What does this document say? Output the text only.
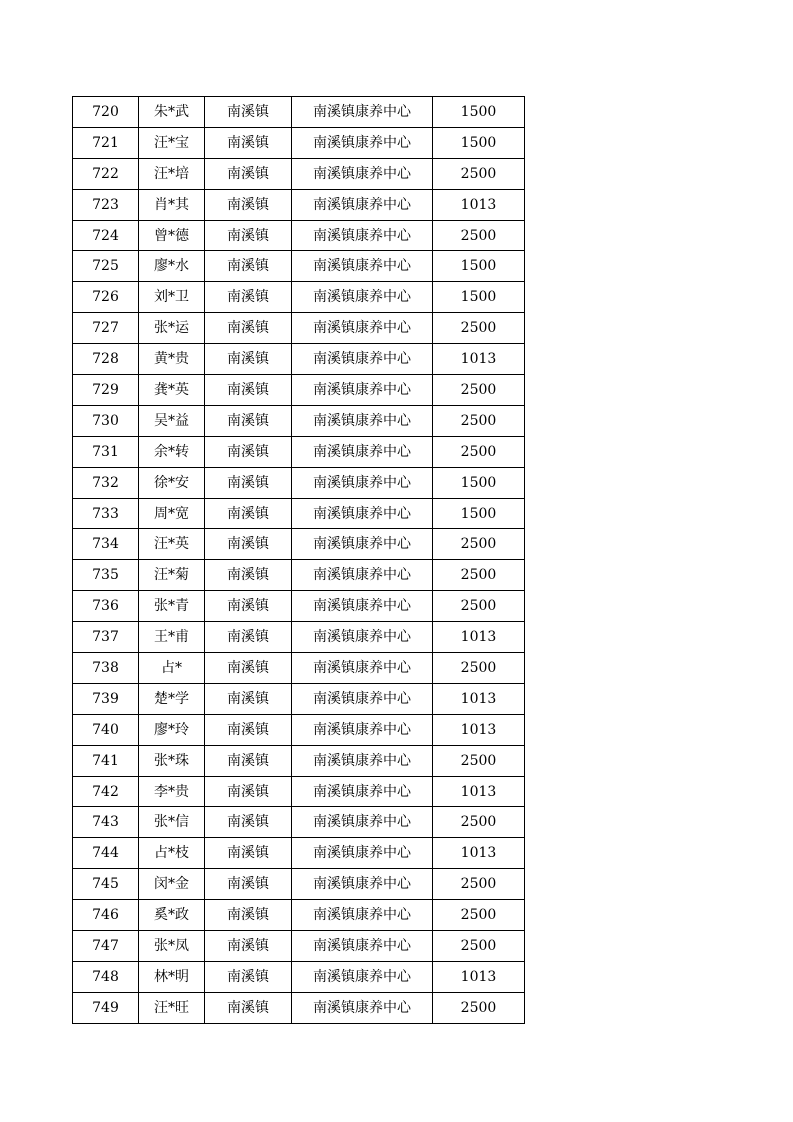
720	朱*武	南溪镇	南溪镇康养中心	1500
721	汪*宝	南溪镇	南溪镇康养中心	1500
722	汪*培	南溪镇	南溪镇康养中心	2500
723	肖*其	南溪镇	南溪镇康养中心	1013
724	曾*德	南溪镇	南溪镇康养中心	2500
725	廖*水	南溪镇	南溪镇康养中心	1500
726	刘*卫	南溪镇	南溪镇康养中心	1500
727	张*运	南溪镇	南溪镇康养中心	2500
728	黄*贵	南溪镇	南溪镇康养中心	1013
729	龚*英	南溪镇	南溪镇康养中心	2500
730	吴*益	南溪镇	南溪镇康养中心	2500
731	余*转	南溪镇	南溪镇康养中心	2500
732	徐*安	南溪镇	南溪镇康养中心	1500
733	周*宽	南溪镇	南溪镇康养中心	1500
734	汪*英	南溪镇	南溪镇康养中心	2500
735	汪*菊	南溪镇	南溪镇康养中心	2500
736	张*青	南溪镇	南溪镇康养中心	2500
737	王*甫	南溪镇	南溪镇康养中心	1013
738	占*	南溪镇	南溪镇康养中心	2500
739	楚*学	南溪镇	南溪镇康养中心	1013
740	廖*玲	南溪镇	南溪镇康养中心	1013
741	张*珠	南溪镇	南溪镇康养中心	2500
742	李*贵	南溪镇	南溪镇康养中心	1013
743	张*信	南溪镇	南溪镇康养中心	2500
744	占*枝	南溪镇	南溪镇康养中心	1013
745	闵*金	南溪镇	南溪镇康养中心	2500
746	奚*政	南溪镇	南溪镇康养中心	2500
747	张*凤	南溪镇	南溪镇康养中心	2500
748	林*明	南溪镇	南溪镇康养中心	1013
749	汪*旺	南溪镇	南溪镇康养中心	2500
